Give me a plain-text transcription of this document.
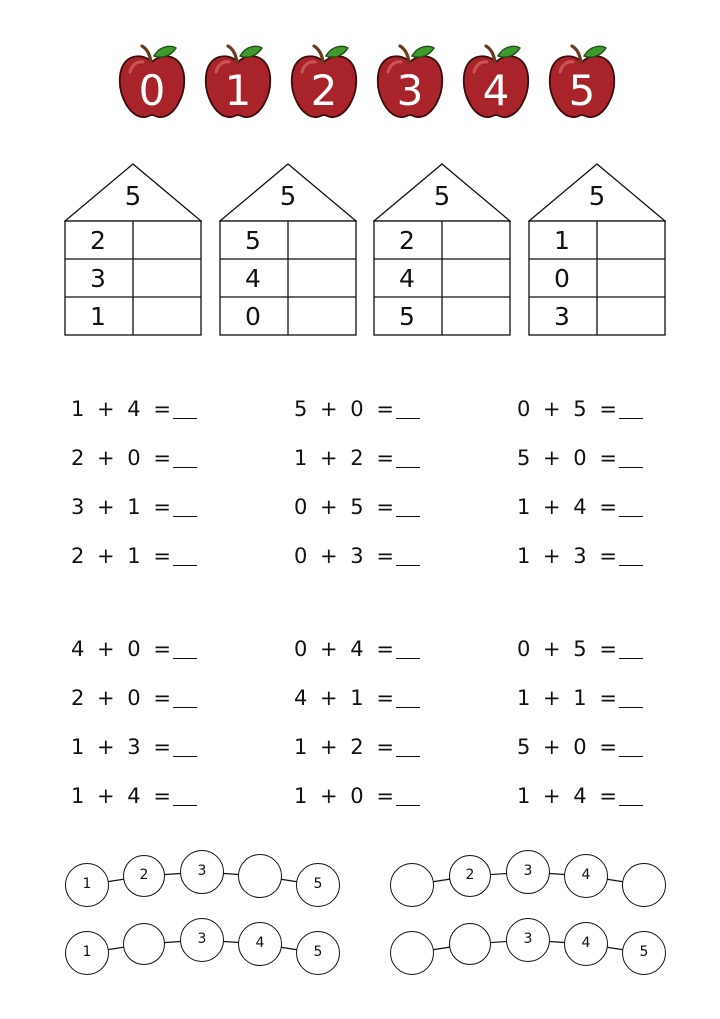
0	1	2	3	4	5
5
2
3
1
5
5
4
0
5
2
4
5
5
1
0
3
1 + 4 =	5 + 0 =	0 + 5 =
2 + 0 =	1 + 2 =	5 + 0 =
3 + 1 =	0 + 5 =	1 + 4 =
2 + 1 =	0 + 3 =	1 + 3 =
4 + 0 =	0 + 4 =	0 + 5 =
2 + 0 =	4 + 1 =	1 + 1 =
1 + 3 =	1 + 2 =	5 + 0 =
1 + 4 =	1 + 0 =	1 + 4 =
1
2	3
5
2	3	4
1
3	4
5
3	4
5
